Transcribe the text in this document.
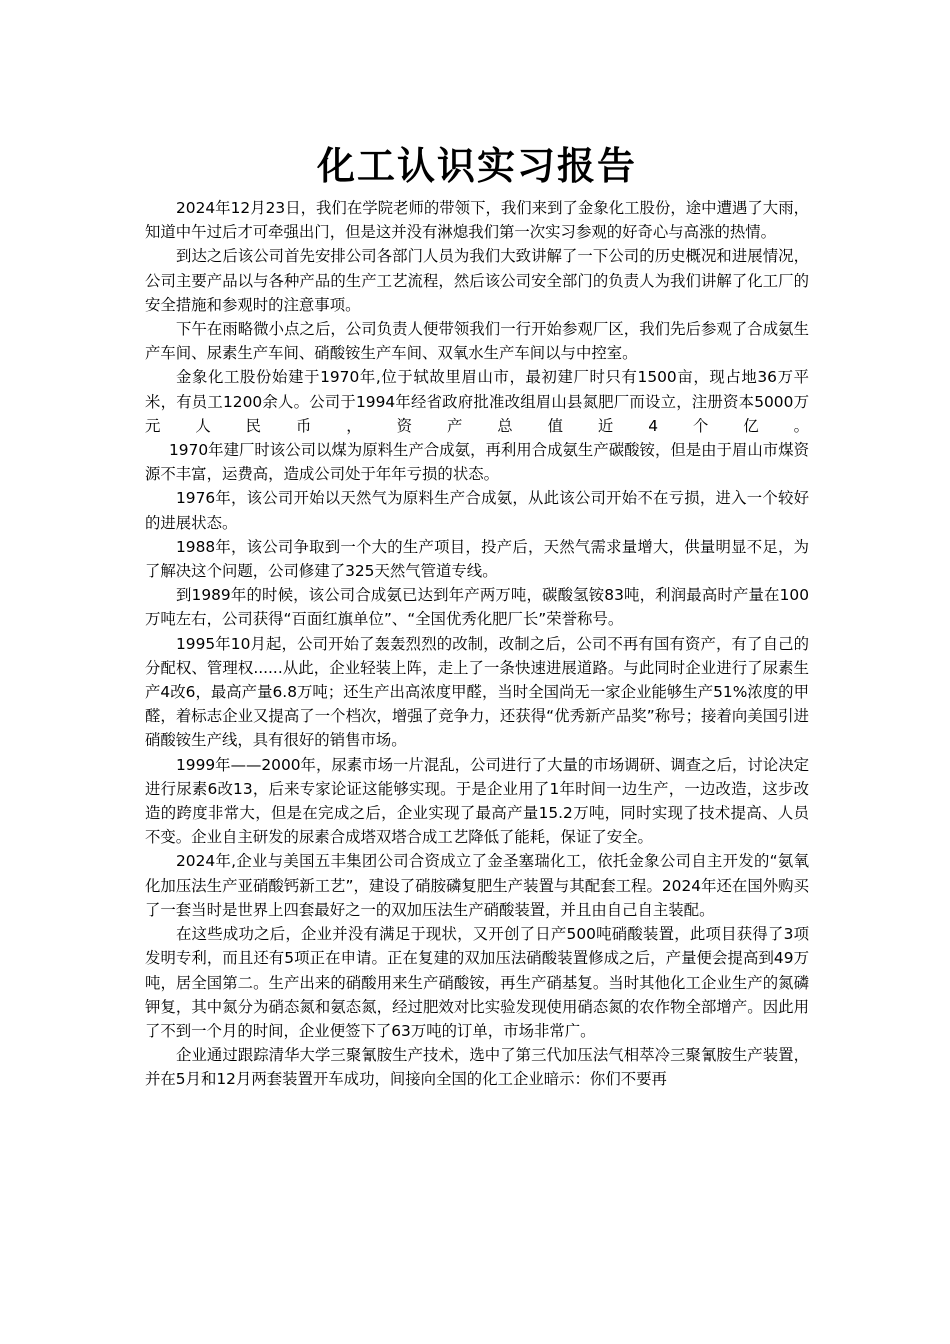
化工认识实习报告

2024年12月23日，我们在学院老师的带领下，我们来到了金象化工股份，途中遭遇了大雨，知道中午过后才可牵强出门，但是这并没有淋熄我们第一次实习参观的好奇心与高涨的热情。

到达之后该公司首先安排公司各部门人员为我们大致讲解了一下公司的历史概况和进展情况，公司主要产品以与各种产品的生产工艺流程，然后该公司安全部门的负责人为我们讲解了化工厂的安全措施和参观时的注意事项。

下午在雨略微小点之后，公司负责人便带领我们一行开始参观厂区，我们先后参观了合成氨生产车间、尿素生产车间、硝酸铵生产车间、双氧水生产车间以与中控室。

金象化工股份始建于1970年,位于轼故里眉山市，最初建厂时只有1500亩，现占地36万平米，有员工1200余人。公司于1994年经省政府批准改组眉山县氮肥厂而设立，注册资本5000万元人民币，资产总值近4个亿。

1970年建厂时该公司以煤为原料生产合成氨，再利用合成氨生产碳酸铵，但是由于眉山市煤资源不丰富，运费高，造成公司处于年年亏损的状态。

1976年，该公司开始以天然气为原料生产合成氨，从此该公司开始不在亏损，进入一个较好的进展状态。

1988年，该公司争取到一个大的生产项目，投产后，天然气需求量增大，供量明显不足，为了解决这个问题，公司修建了325天然气管道专线。

到1989年的时候，该公司合成氨已达到年产两万吨，碳酸氢铵83吨，利润最高时产量在100万吨左右，公司获得“百面红旗单位”、“全国优秀化肥厂长”荣誉称号。

1995年10月起，公司开始了轰轰烈烈的改制，改制之后，公司不再有国有资产，有了自己的分配权、管理权......从此，企业轻装上阵，走上了一条快速进展道路。与此同时企业进行了尿素生产4改6，最高产量6.8万吨；还生产出高浓度甲醛，当时全国尚无一家企业能够生产51%浓度的甲醛，着标志企业又提高了一个档次，增强了竞争力，还获得“优秀新产品奖”称号；接着向美国引进硝酸铵生产线，具有很好的销售市场。

1999年——2000年，尿素市场一片混乱，公司进行了大量的市场调研、调查之后，讨论决定进行尿素6改13，后来专家论证这能够实现。于是企业用了1年时间一边生产，一边改造，这步改造的跨度非常大，但是在完成之后，企业实现了最高产量15.2万吨，同时实现了技术提高、人员不变。企业自主研发的尿素合成塔双塔合成工艺降低了能耗，保证了安全。

2024年,企业与美国五丰集团公司合资成立了金圣塞瑞化工，依托金象公司自主开发的“氨氧化加压法生产亚硝酸钙新工艺”，建设了硝胺磷复肥生产装置与其配套工程。2024年还在国外购买了一套当时是世界上四套最好之一的双加压法生产硝酸装置，并且由自己自主装配。

在这些成功之后，企业并没有满足于现状，又开创了日产500吨硝酸装置，此项目获得了3项发明专利，而且还有5项正在申请。正在复建的双加压法硝酸装置修成之后，产量便会提高到49万吨，居全国第二。生产出来的硝酸用来生产硝酸铵，再生产硝基复。当时其他化工企业生产的氮磷钾复，其中氮分为硝态氮和氨态氮，经过肥效对比实验发现使用硝态氮的农作物全部增产。因此用了不到一个月的时间，企业便签下了63万吨的订单，市场非常广。

企业通过跟踪清华大学三聚氰胺生产技术，选中了第三代加压法气相萃冷三聚氰胺生产装置，并在5月和12月两套装置开车成功，间接向全国的化工企业暗示：你们不要再
